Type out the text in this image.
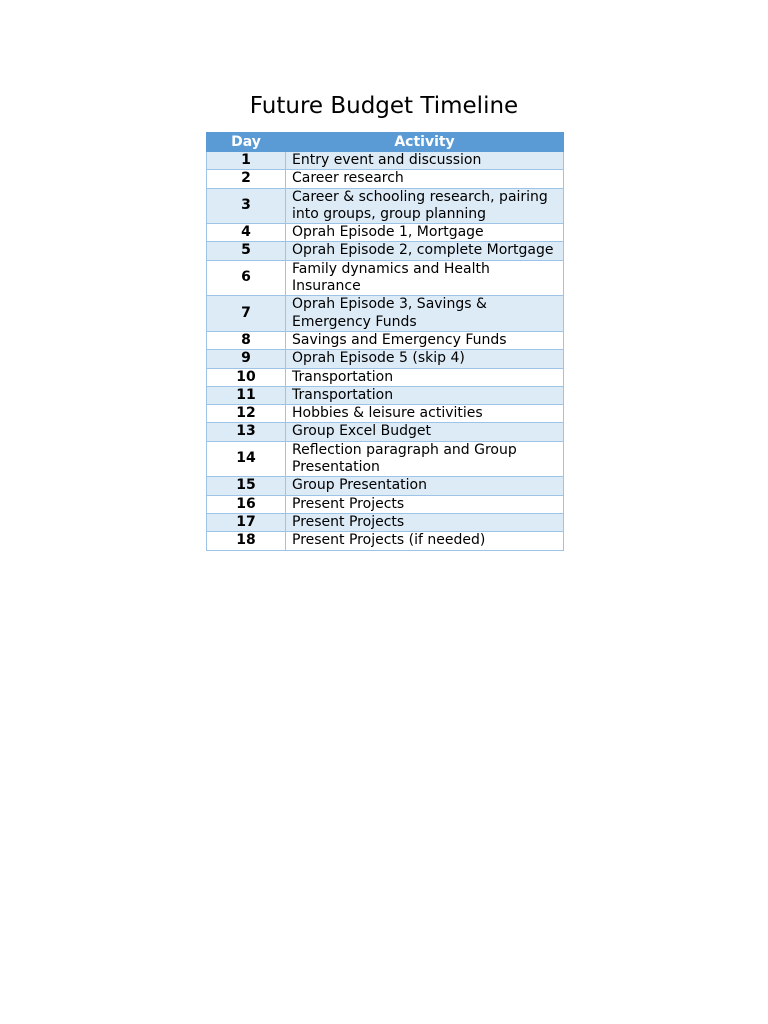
Future Budget Timeline
Day	Activity
1	Entry event and discussion
2	Career research
3	Career & schooling research, pairing into groups, group planning
4	Oprah Episode 1, Mortgage
5	Oprah Episode 2, complete Mortgage
6	Family dynamics and Health Insurance
7	Oprah Episode 3, Savings & Emergency Funds
8	Savings and Emergency Funds
9	Oprah Episode 5 (skip 4)
10	Transportation
11	Transportation
12	Hobbies & leisure activities
13	Group Excel Budget
14	Reflection paragraph and Group Presentation
15	Group Presentation
16	Present Projects
17	Present Projects
18	Present Projects (if needed)
